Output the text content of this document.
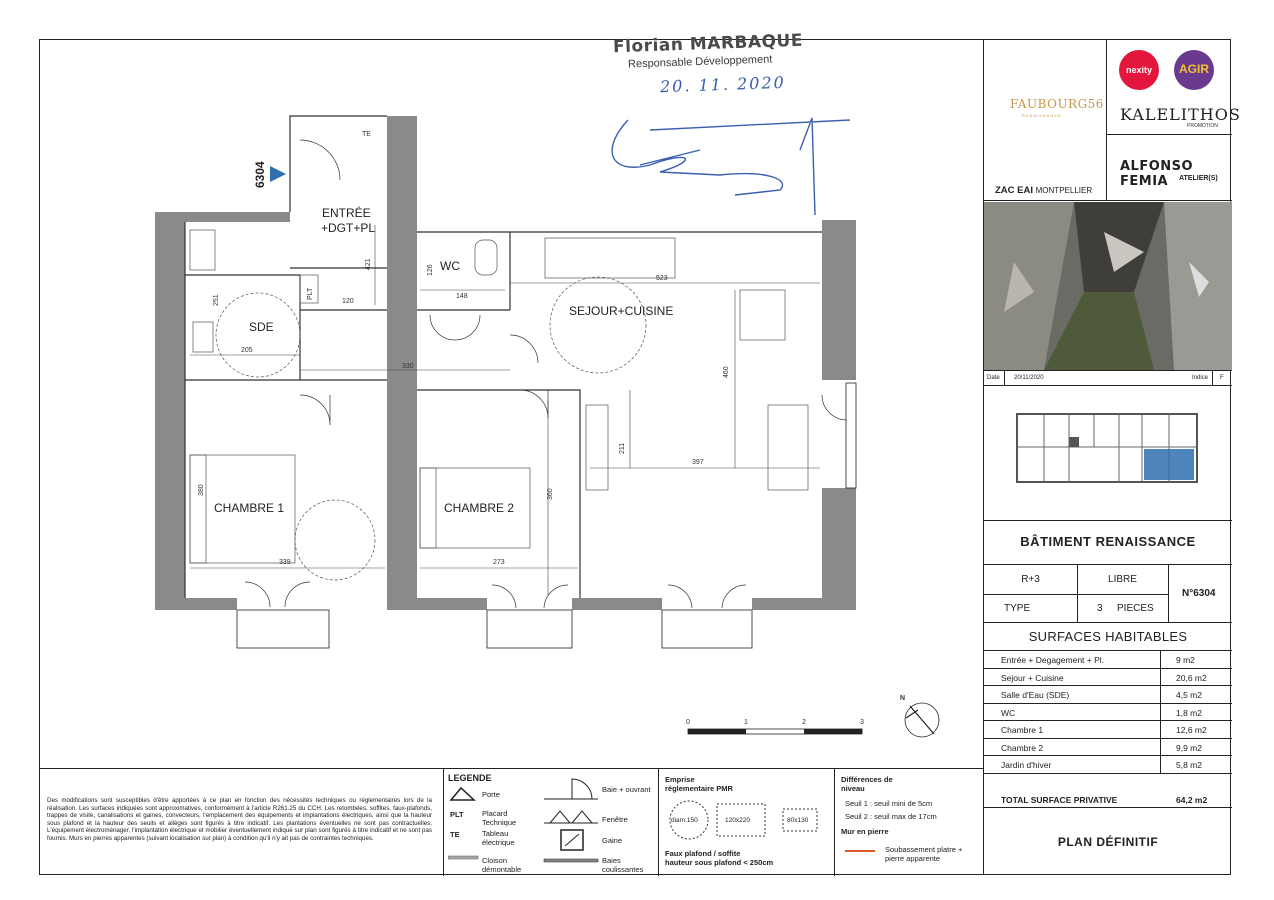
Florian MARBAQUE
Responsable Développement
20. 11. 2020
6304
ENTRÉE
+DGT+PL
WC
SDE
SEJOUR+CUISINE
CHAMBRE 1	CHAMBRE 2
TE
PLT
421
120
126
148
251
205
330
523
460
211
397
360
339	273
380
0	1	2	3
N
FAUBOURG56
RENAISSANCE
ZAC EAI MONTPELLIER
nexity	AGIR
KALELITHOS
PROMOTION
ALFONSO FEMIA	ATELIER(S)
Date 20/11/2020	Indice F
BÂTIMENT RENAISSANCE
R+3	LIBRE
TYPE	3 PIECES
N°6304
SURFACES HABITABLES
Entrée + Degagement + Pl.	9 m2
Sejour + Cuisine	20,6 m2
Salle d'Eau (SDE)	4,5 m2
WC	1,8 m2
Chambre 1	12,6 m2
Chambre 2	9,9 m2
Jardin d'hiver	5,8 m2
TOTAL SURFACE PRIVATIVE	64,2 m2
PLAN DÉFINITIF
Des modifications sont susceptibles d'être apportées à ce plan en fonction des nécessités techniques ou réglementaires lors de la réalisation. Les surfaces indiquées sont approximatives, conformément à l'article R261.25 du CCH. Les retombées, soffites, faux-plafonds, trappes de visite, canalisations et gaines, convecteurs, l'emplacement des équipements et implantations électriques, ainsi que la hauteur sous plafond et la hauteur des seuils et allèges sont figurés à titre indicatif. Les plantations éventuelles ne sont pas contractuelles. L'équipement électroménager, l'implantation électrique et mobilier éventuellement indiqué sur plan sont figurés à titre indicatif et ne sont pas fournis. Murs en pierres apparentes (suivant localisation sur plan) à condition qu'il n'y ait pas de contraintes techniques.
LEGENDE
Porte
PLT Placard Technique
TE	Tableau électrique
Cloison démontable
Baie + ouvrant
Fenêtre
Gaine
Baies coulissantes
Emprise
réglementaire PMR
diam.150	120x220	80x130
Faux plafond / soffite
hauteur sous plafond < 250cm
Différences de
niveau
Seuil 1 : seuil mini de 5cm
Seuil 2 : seuil max de 17cm
Mur en pierre
Soubassement platre +
pierre apparente
